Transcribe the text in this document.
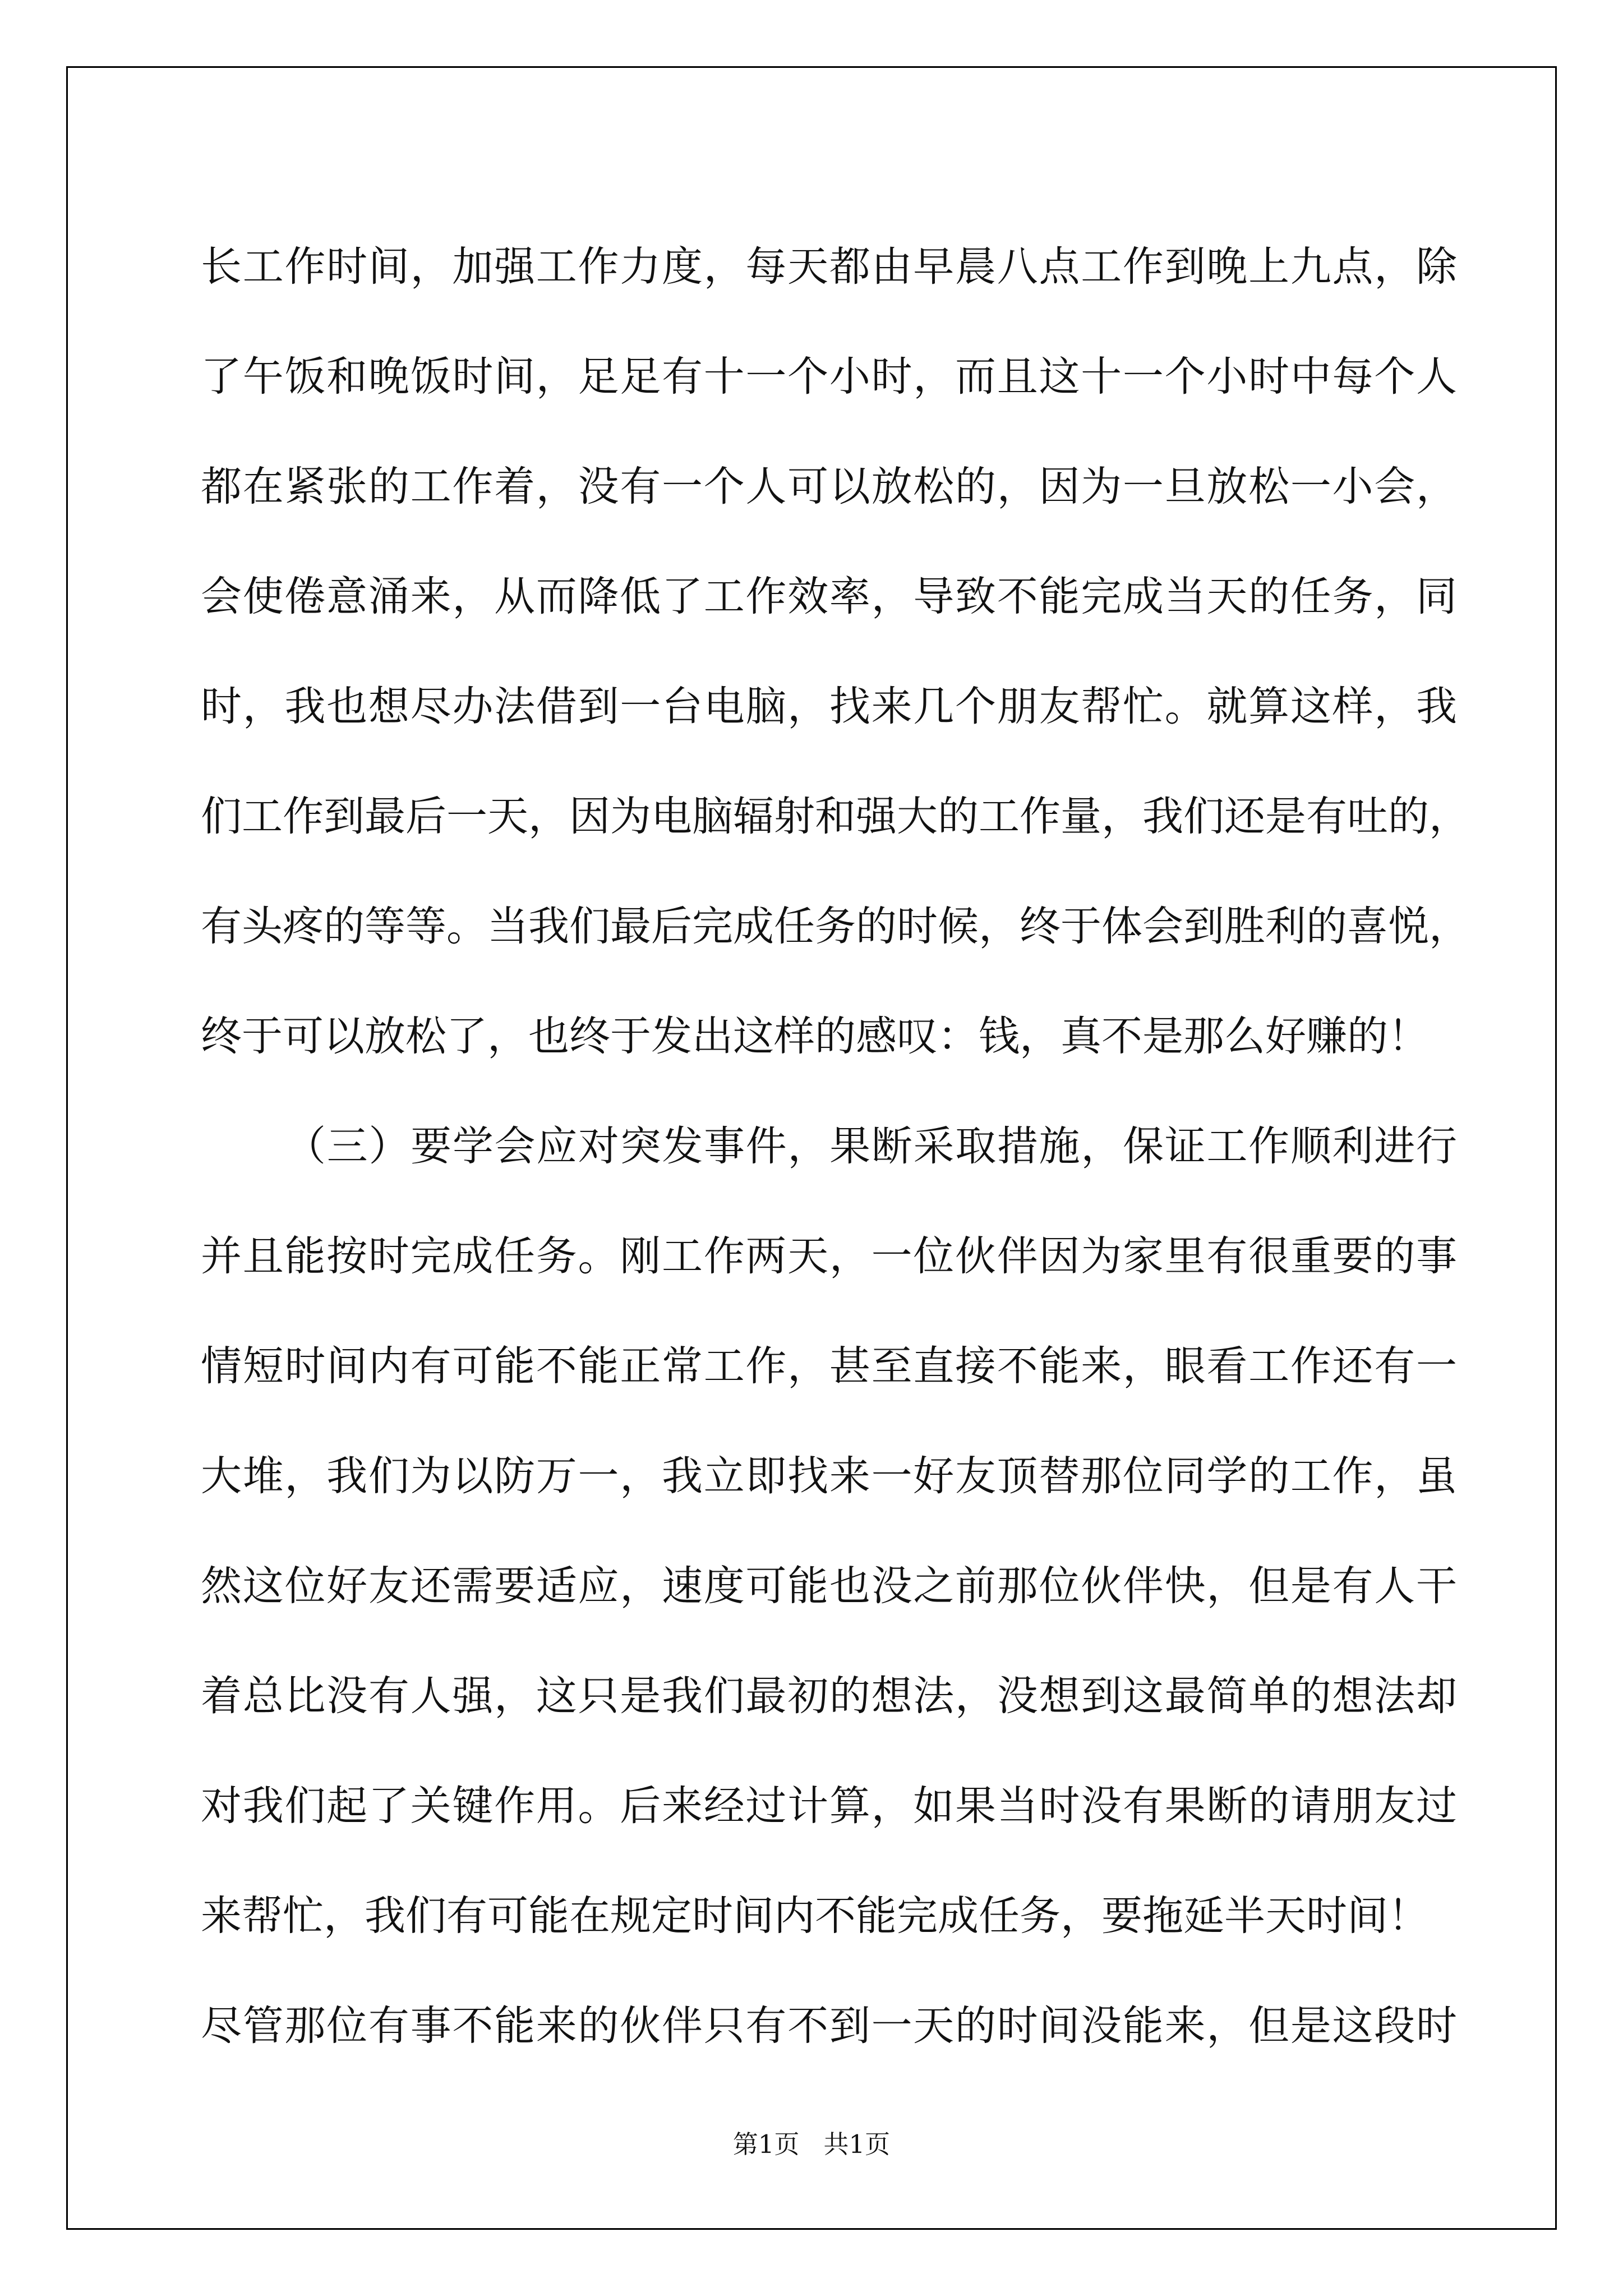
长工作时间，加强工作力度，每天都由早晨八点工作到晚上九点，除
了午饭和晚饭时间，足足有十一个小时，而且这十一个小时中每个人
都在紧张的工作着，没有一个人可以放松的，因为一旦放松一小会，
会使倦意涌来，从而降低了工作效率，导致不能完成当天的任务，同
时，我也想尽办法借到一台电脑，找来几个朋友帮忙。就算这样，我
们工作到最后一天，因为电脑辐射和强大的工作量，我们还是有吐的，
有头疼的等等。当我们最后完成任务的时候，终于体会到胜利的喜悦，
终于可以放松了，也终于发出这样的感叹：钱，真不是那么好赚的！
（三）要学会应对突发事件，果断采取措施，保证工作顺利进行
并且能按时完成任务。刚工作两天，一位伙伴因为家里有很重要的事
情短时间内有可能不能正常工作，甚至直接不能来，眼看工作还有一
大堆，我们为以防万一，我立即找来一好友顶替那位同学的工作，虽
然这位好友还需要适应，速度可能也没之前那位伙伴快，但是有人干
着总比没有人强，这只是我们最初的想法，没想到这最简单的想法却
对我们起了关键作用。后来经过计算，如果当时没有果断的请朋友过
来帮忙，我们有可能在规定时间内不能完成任务，要拖延半天时间！
尽管那位有事不能来的伙伴只有不到一天的时间没能来，但是这段时
第1页   共1页
